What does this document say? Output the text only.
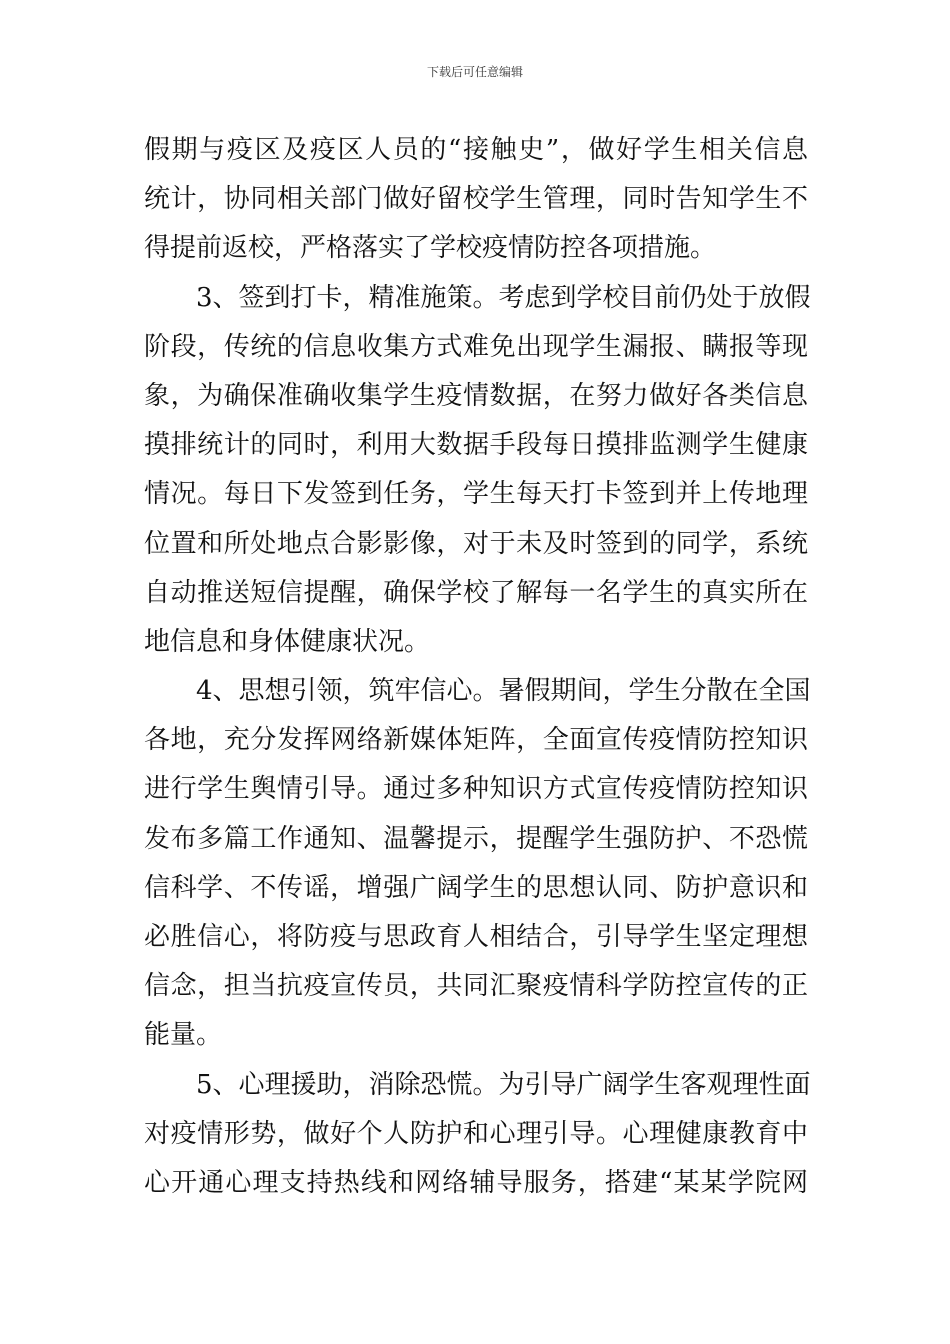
下载后可任意编辑
假期与疫区及疫区人员的“接触史”，做好学生相关信息
统计，协同相关部门做好留校学生管理，同时告知学生不
得提前返校，严格落实了学校疫情防控各项措施。
3、签到打卡，精准施策。考虑到学校目前仍处于放假
阶段，传统的信息收集方式难免出现学生漏报、瞒报等现
象，为确保准确收集学生疫情数据，在努力做好各类信息
摸排统计的同时，利用大数据手段每日摸排监测学生健康
情况。每日下发签到任务，学生每天打卡签到并上传地理
位置和所处地点合影影像，对于未及时签到的同学，系统
自动推送短信提醒，确保学校了解每一名学生的真实所在
地信息和身体健康状况。
4、思想引领，筑牢信心。暑假期间，学生分散在全国
各地，充分发挥网络新媒体矩阵，全面宣传疫情防控知识
进行学生舆情引导。通过多种知识方式宣传疫情防控知识
发布多篇工作通知、温馨提示，提醒学生强防护、不恐慌
信科学、不传谣，增强广阔学生的思想认同、防护意识和
必胜信心，将防疫与思政育人相结合，引导学生坚定理想
信念，担当抗疫宣传员，共同汇聚疫情科学防控宣传的正
能量。
5、心理援助，消除恐慌。为引导广阔学生客观理性面
对疫情形势，做好个人防护和心理引导。心理健康教育中
心开通心理支持热线和网络辅导服务，搭建“某某学院网
